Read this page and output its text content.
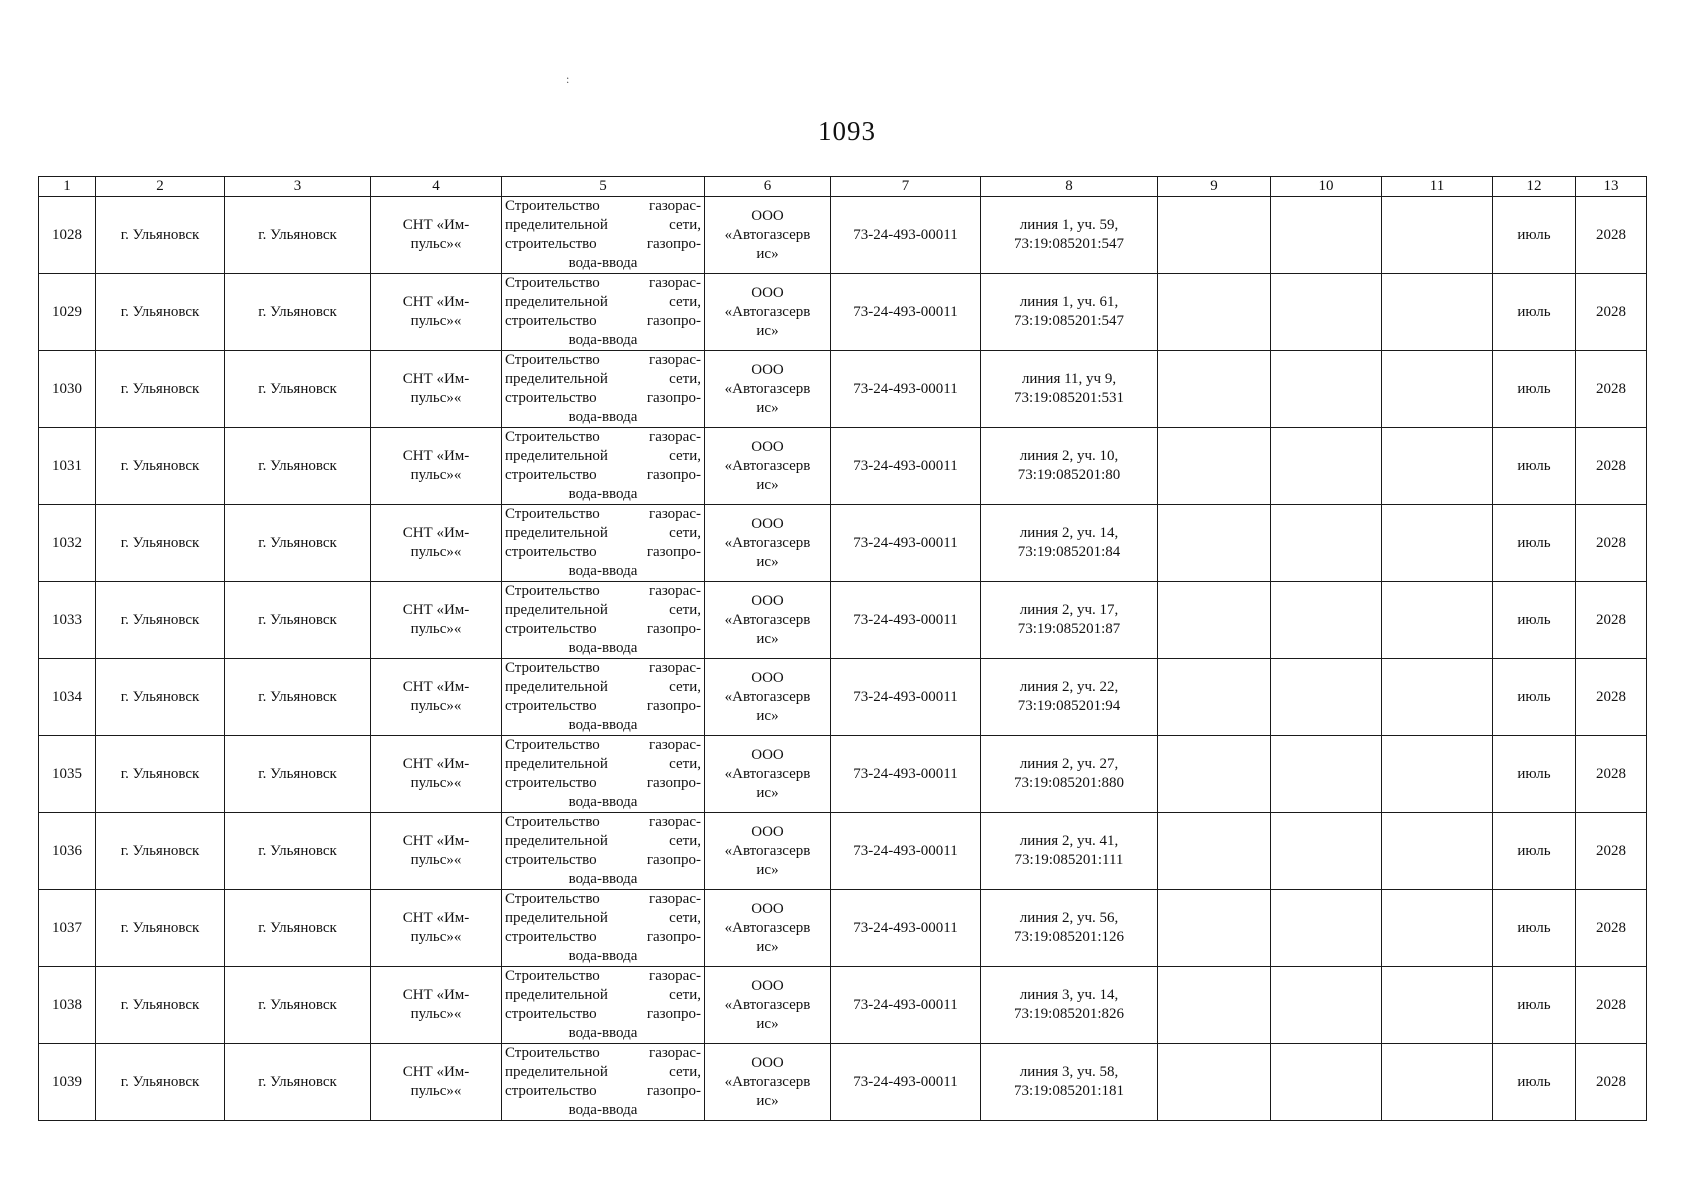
:
1093
1	2	3	4	5	6	7	8	9	10	11	12	13
1028	г. Ульяновск	г. Ульяновск	СНТ «Им-
пульс»«	Строительство газорас-
пределительной сети,
строительство газопро-
вода-ввода	ООО
«Автогазсерв
ис»	73-24-493-00011	линия 1, уч. 59,
73:19:085201:547				июль	2028
1029	г. Ульяновск	г. Ульяновск	СНТ «Им-
пульс»«	Строительство газорас-
пределительной сети,
строительство газопро-
вода-ввода	ООО
«Автогазсерв
ис»	73-24-493-00011	линия 1, уч. 61,
73:19:085201:547				июль	2028
1030	г. Ульяновск	г. Ульяновск	СНТ «Им-
пульс»«	Строительство газорас-
пределительной сети,
строительство газопро-
вода-ввода	ООО
«Автогазсерв
ис»	73-24-493-00011	линия 11, уч 9,
73:19:085201:531				июль	2028
1031	г. Ульяновск	г. Ульяновск	СНТ «Им-
пульс»«	Строительство газорас-
пределительной сети,
строительство газопро-
вода-ввода	ООО
«Автогазсерв
ис»	73-24-493-00011	линия 2, уч. 10,
73:19:085201:80				июль	2028
1032	г. Ульяновск	г. Ульяновск	СНТ «Им-
пульс»«	Строительство газорас-
пределительной сети,
строительство газопро-
вода-ввода	ООО
«Автогазсерв
ис»	73-24-493-00011	линия 2, уч. 14,
73:19:085201:84				июль	2028
1033	г. Ульяновск	г. Ульяновск	СНТ «Им-
пульс»«	Строительство газорас-
пределительной сети,
строительство газопро-
вода-ввода	ООО
«Автогазсерв
ис»	73-24-493-00011	линия 2, уч. 17,
73:19:085201:87				июль	2028
1034	г. Ульяновск	г. Ульяновск	СНТ «Им-
пульс»«	Строительство газорас-
пределительной сети,
строительство газопро-
вода-ввода	ООО
«Автогазсерв
ис»	73-24-493-00011	линия 2, уч. 22,
73:19:085201:94				июль	2028
1035	г. Ульяновск	г. Ульяновск	СНТ «Им-
пульс»«	Строительство газорас-
пределительной сети,
строительство газопро-
вода-ввода	ООО
«Автогазсерв
ис»	73-24-493-00011	линия 2, уч. 27,
73:19:085201:880				июль	2028
1036	г. Ульяновск	г. Ульяновск	СНТ «Им-
пульс»«	Строительство газорас-
пределительной сети,
строительство газопро-
вода-ввода	ООО
«Автогазсерв
ис»	73-24-493-00011	линия 2, уч. 41,
73:19:085201:111				июль	2028
1037	г. Ульяновск	г. Ульяновск	СНТ «Им-
пульс»«	Строительство газорас-
пределительной сети,
строительство газопро-
вода-ввода	ООО
«Автогазсерв
ис»	73-24-493-00011	линия 2, уч. 56,
73:19:085201:126				июль	2028
1038	г. Ульяновск	г. Ульяновск	СНТ «Им-
пульс»«	Строительство газорас-
пределительной сети,
строительство газопро-
вода-ввода	ООО
«Автогазсерв
ис»	73-24-493-00011	линия 3, уч. 14,
73:19:085201:826				июль	2028
1039	г. Ульяновск	г. Ульяновск	СНТ «Им-
пульс»«	Строительство газорас-
пределительной сети,
строительство газопро-
вода-ввода	ООО
«Автогазсерв
ис»	73-24-493-00011	линия 3, уч. 58,
73:19:085201:181				июль	2028
